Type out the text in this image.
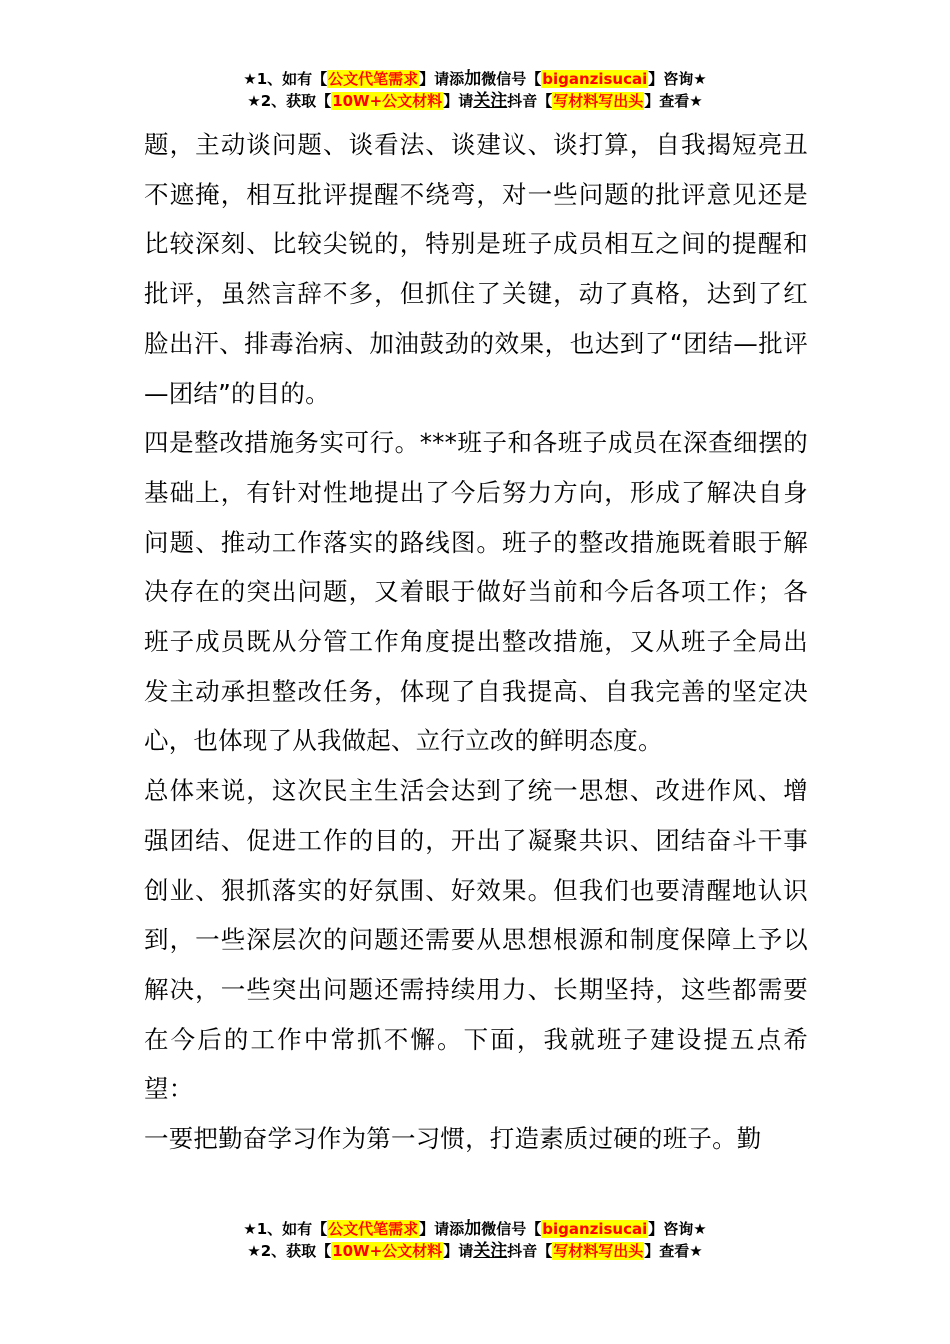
★1、如有【公文代笔需求】请添加微信号【biganzisucai】咨询★
★2、获取【10W+公文材料】请关注抖音【写材料写出头】查看★

题，主动谈问题、谈看法、谈建议、谈打算，自我揭短亮丑不遮掩，相互批评提醒不绕弯，对一些问题的批评意见还是比较深刻、比较尖锐的，特别是班子成员相互之间的提醒和批评，虽然言辞不多，但抓住了关键，动了真格，达到了红脸出汗、排毒治病、加油鼓劲的效果，也达到了“团结—批评—团结”的目的。

四是整改措施务实可行。***班子和各班子成员在深查细摆的基础上，有针对性地提出了今后努力方向，形成了解决自身问题、推动工作落实的路线图。班子的整改措施既着眼于解决存在的突出问题，又着眼于做好当前和今后各项工作；各班子成员既从分管工作角度提出整改措施，又从班子全局出发主动承担整改任务，体现了自我提高、自我完善的坚定决心，也体现了从我做起、立行立改的鲜明态度。

总体来说，这次民主生活会达到了统一思想、改进作风、增强团结、促进工作的目的，开出了凝聚共识、团结奋斗干事创业、狠抓落实的好氛围、好效果。但我们也要清醒地认识到，一些深层次的问题还需要从思想根源和制度保障上予以解决，一些突出问题还需持续用力、长期坚持，这些都需要在今后的工作中常抓不懈。下面，我就班子建设提五点希望：

一要把勤奋学习作为第一习惯，打造素质过硬的班子。勤

★1、如有【公文代笔需求】请添加微信号【biganzisucai】咨询★
★2、获取【10W+公文材料】请关注抖音【写材料写出头】查看★
